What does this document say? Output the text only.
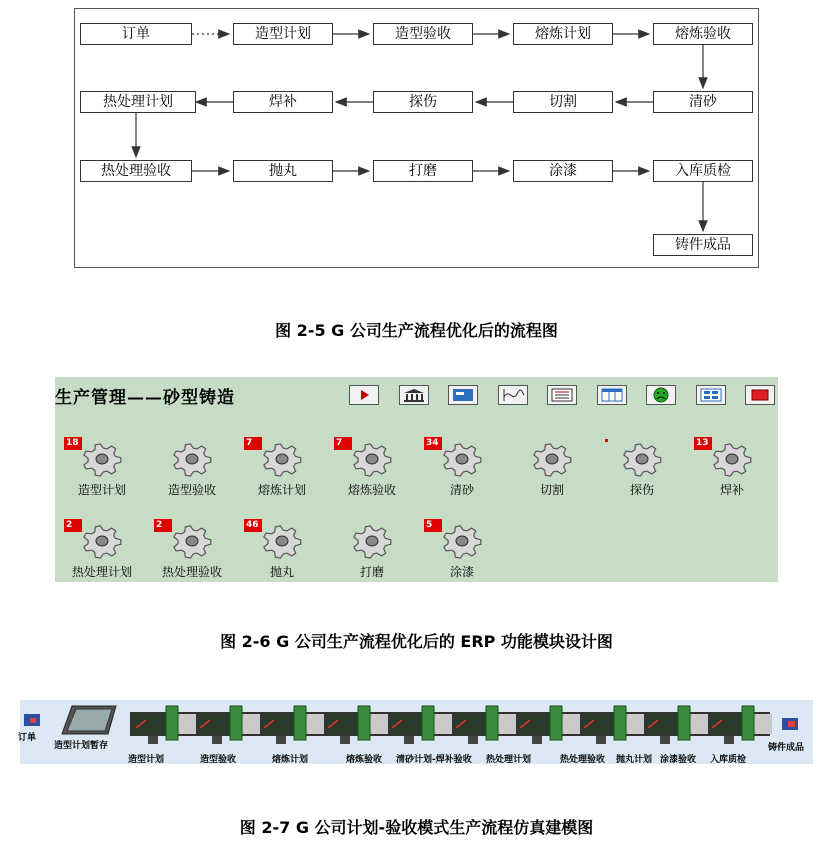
订单	造型计划	造型验收	熔炼计划	熔炼验收
热处理计划	焊补	探伤	切割	清砂
热处理验收	抛丸	打磨	涂漆	入库质检
铸件成品
图 2-5 G 公司生产流程优化后的流程图
生产管理——砂型铸造
18
造型计划	造型验收
7
熔炼计划
7
熔炼验收
34
清砂	切割	探伤
13
焊补
2
热处理计划
2
热处理验收
46
抛丸	打磨
5
涂漆
图 2-6 G 公司生产流程优化后的 ERP 功能模块设计图
订单
造型计划暂存	铸件成品
造型计划	造型验收	熔炼计划	熔炼验收 清砂计划-焊补验收 热处理计划	热处理验收 抛丸计划 涂漆验收 入库质检
图 2-7 G 公司计划-验收模式生产流程仿真建模图
